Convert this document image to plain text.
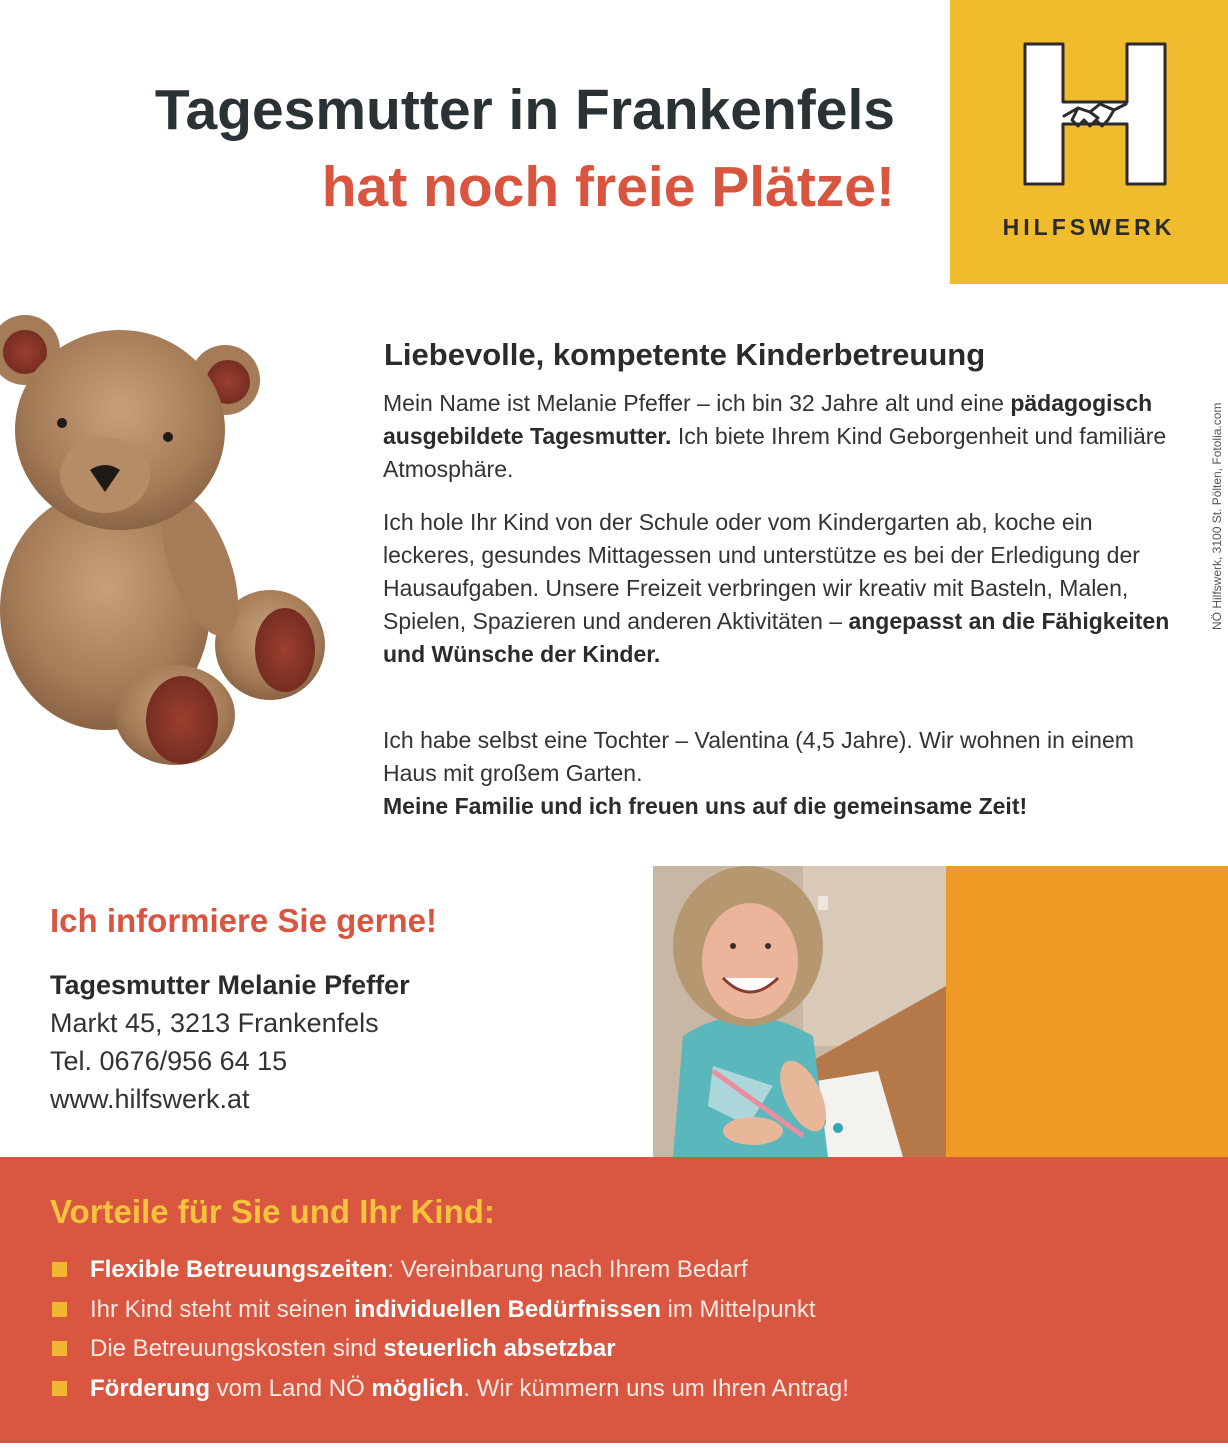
Tagesmutter in Frankenfels
hat noch freie Plätze!
HILFSWERK
NÖ Hilfswerk, 3100 St. Pölten, Fotolia.com
Liebevolle, kompetente Kinderbetreuung
Mein Name ist Melanie Pfeffer – ich bin 32 Jahre alt und eine pädagogisch ausgebildete Tagesmutter. Ich biete Ihrem Kind Geborgenheit und familiäre Atmosphäre.
Ich hole Ihr Kind von der Schule oder vom Kindergarten ab, koche ein leckeres, gesundes Mittagessen und unterstütze es bei der Erledigung der Hausaufgaben. Unsere Freizeit verbringen wir kreativ mit Basteln, Malen, Spielen, Spazieren und anderen Aktivitäten – angepasst an die Fähigkeiten und Wünsche der Kinder.
Ich habe selbst eine Tochter – Valentina (4,5 Jahre). Wir wohnen in einem Haus mit großem Garten.
Meine Familie und ich freuen uns auf die gemeinsame Zeit!
Ich informiere Sie gerne!
Tagesmutter Melanie Pfeffer
Markt 45, 3213 Frankenfels
Tel. 0676/956 64 15
www.hilfswerk.at
Vorteile für Sie und Ihr Kind:
Flexible Betreuungszeiten: Vereinbarung nach Ihrem Bedarf
Ihr Kind steht mit seinen individuellen Bedürfnissen im Mittelpunkt
Die Betreuungskosten sind steuerlich absetzbar
Förderung vom Land NÖ möglich. Wir kümmern uns um Ihren Antrag!
